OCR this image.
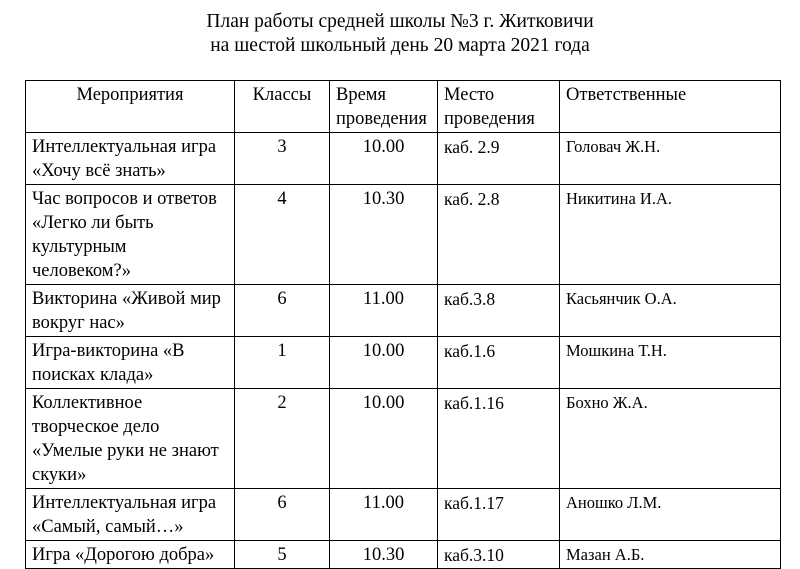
План работы средней школы №3 г. Житковичи
на шестой школьный день 20 марта 2021 года
Мероприятия	Классы	Время проведения	Место проведения	Ответственные
Интеллектуальная игра «Хочу всё знать»	3	10.00	каб. 2.9	Головач Ж.Н.
Час вопросов и ответов «Легко ли быть культурным человеком?»	4	10.30	каб. 2.8	Никитина И.А.
Викторина «Живой мир вокруг нас»	6	11.00	каб.3.8	Касьянчик О.А.
Игра-викторина «В поисках клада»	1	10.00	каб.1.6	Мошкина Т.Н.
Коллективное творческое дело «Умелые руки не знают скуки»	2	10.00	каб.1.16	Бохно Ж.А.
Интеллектуальная игра «Самый, самый…»	6	11.00	каб.1.17	Аношко Л.М.
Игра «Дорогою добра»	5	10.30	каб.3.10	Мазан А.Б.
